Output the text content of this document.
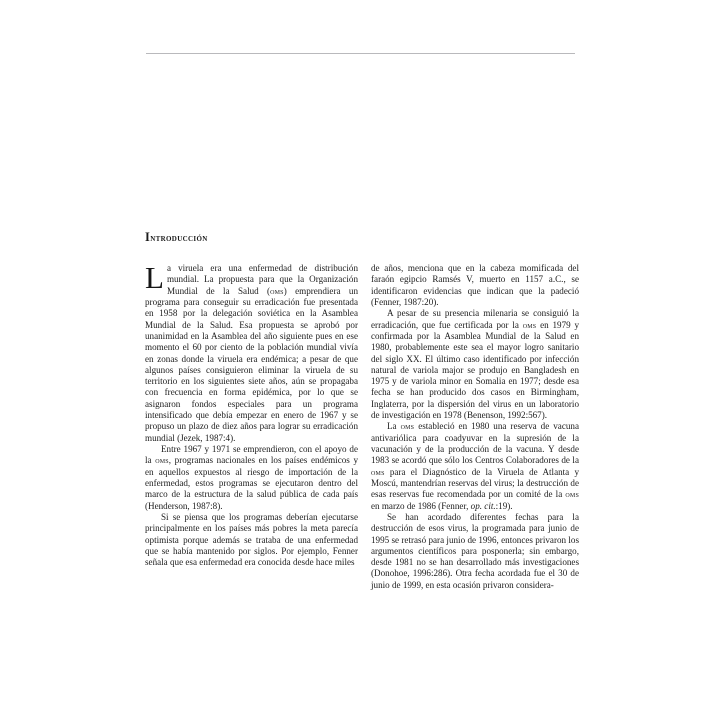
Introducción

La viruela era una enfermedad de distribución mundial. La propuesta para que la Organización Mundial de la Salud (oms) emprendiera un programa para conseguir su erradicación fue presentada en 1958 por la delegación soviética en la Asamblea Mundial de la Salud. Esa propuesta se aprobó por unanimidad en la Asamblea del año siguiente pues en ese momento el 60 por ciento de la población mundial vivía en zonas donde la viruela era endémica; a pesar de que algunos países consiguieron eliminar la viruela de su territorio en los siguientes siete años, aún se propagaba con frecuencia en forma epidémica, por lo que se asignaron fondos especiales para un programa intensificado que debía empezar en enero de 1967 y se propuso un plazo de diez años para lograr su erradicación mundial (Jezek, 1987:4).

Entre 1967 y 1971 se emprendieron, con el apoyo de la oms, programas nacionales en los países endémicos y en aquellos expuestos al riesgo de importación de la enfermedad, estos programas se ejecutaron dentro del marco de la estructura de la salud pública de cada país (Henderson, 1987:8).

Si se piensa que los programas deberían ejecutarse principalmente en los países más pobres la meta parecía optimista porque además se trataba de una enfermedad que se había mantenido por siglos. Por ejemplo, Fenner señala que esa enfermedad era conocida desde hace miles

de años, menciona que en la cabeza momificada del faraón egipcio Ramsés V, muerto en 1157 a.C., se identificaron evidencias que indican que la padeció (Fenner, 1987:20).

A pesar de su presencia milenaria se consiguió la erradicación, que fue certificada por la oms en 1979 y confirmada por la Asamblea Mundial de la Salud en 1980, probablemente este sea el mayor logro sanitario del siglo XX. El último caso identificado por infección natural de variola major se produjo en Bangladesh en 1975 y de variola minor en Somalia en 1977; desde esa fecha se han producido dos casos en Birmingham, Inglaterra, por la dispersión del virus en un laboratorio de investigación en 1978 (Benenson, 1992:567).

La oms estableció en 1980 una reserva de vacuna antivariólica para coadyuvar en la supresión de la vacunación y de la producción de la vacuna. Y desde 1983 se acordó que sólo los Centros Colaboradores de la oms para el Diagnóstico de la Viruela de Atlanta y Moscú, mantendrían reservas del virus; la destrucción de esas reservas fue recomendada por un comité de la oms en marzo de 1986 (Fenner, op. cit.:19).

Se han acordado diferentes fechas para la destrucción de esos virus, la programada para junio de 1995 se retrasó para junio de 1996, entonces privaron los argumentos científicos para posponerla; sin embargo, desde 1981 no se han desarrollado más investigaciones (Donohoe, 1996:286). Otra fecha acordada fue el 30 de junio de 1999, en esta ocasión privaron considera-
